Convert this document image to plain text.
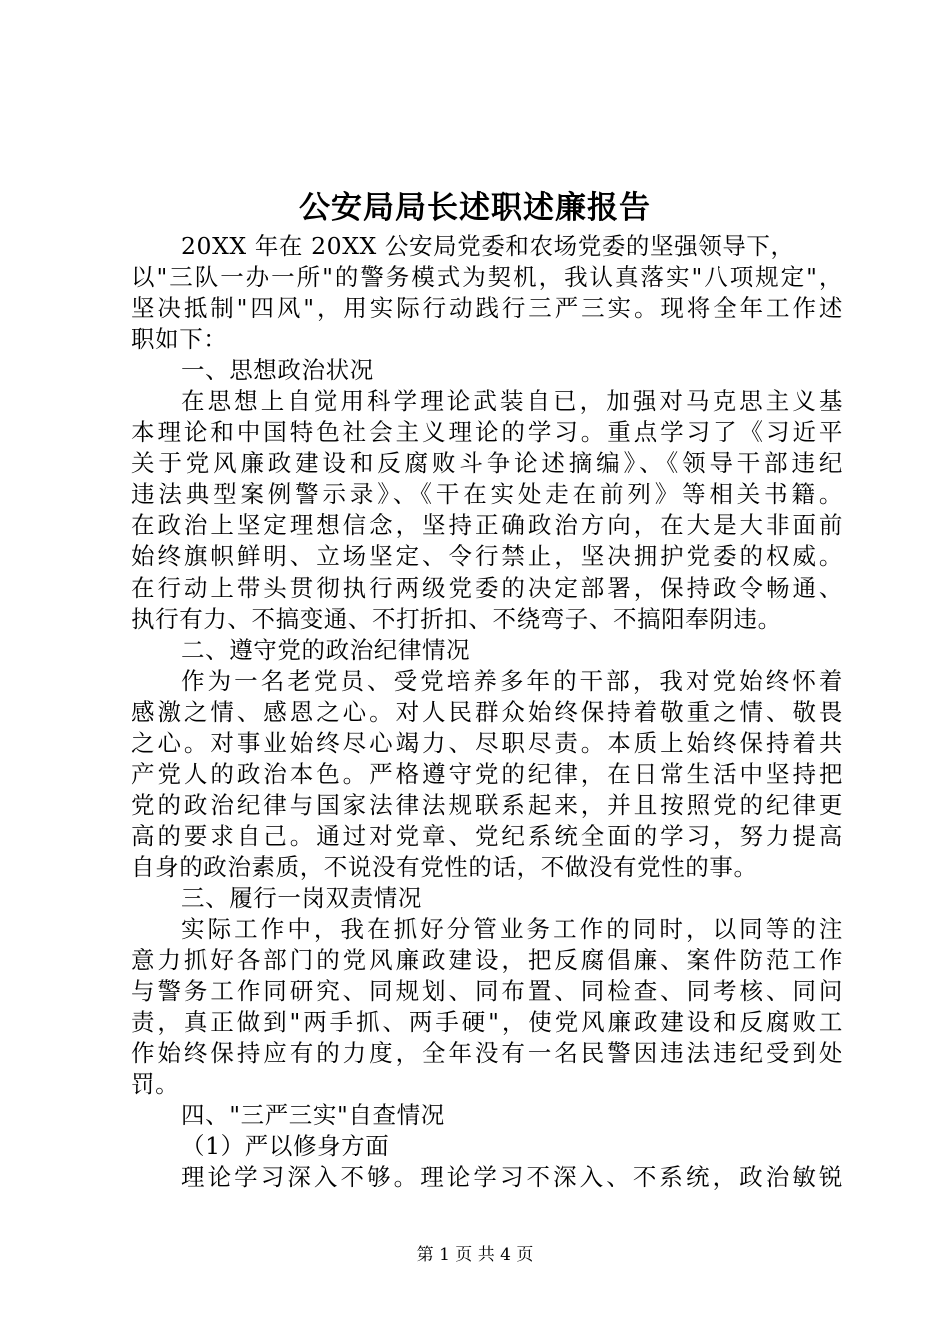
公安局局长述职述廉报告
20XX 年在 20XX 公安局党委和农场党委的坚强领导下，
以"三队一办一所"的警务模式为契机，我认真落实"八项规定"，
坚决抵制"四风"，用实际行动践行三严三实。现将全年工作述
职如下：
一、思想政治状况
在思想上自觉用科学理论武装自已，加强对马克思主义基
本理论和中国特色社会主义理论的学习。重点学习了《习近平
关于党风廉政建设和反腐败斗争论述摘编》、《领导干部违纪
违法典型案例警示录》、《干在实处走在前列》等相关书籍。
在政治上坚定理想信念，坚持正确政治方向，在大是大非面前
始终旗帜鲜明、立场坚定、令行禁止，坚决拥护党委的权威。
在行动上带头贯彻执行两级党委的决定部署，保持政令畅通、
执行有力、不搞变通、不打折扣、不绕弯子、不搞阳奉阴违。
二、遵守党的政治纪律情况
作为一名老党员、受党培养多年的干部，我对党始终怀着
感激之情、感恩之心。对人民群众始终保持着敬重之情、敬畏
之心。对事业始终尽心竭力、尽职尽责。本质上始终保持着共
产党人的政治本色。严格遵守党的纪律，在日常生活中坚持把
党的政治纪律与国家法律法规联系起来，并且按照党的纪律更
高的要求自己。通过对党章、党纪系统全面的学习，努力提高
自身的政治素质，不说没有党性的话，不做没有党性的事。
三、履行一岗双责情况
实际工作中，我在抓好分管业务工作的同时，以同等的注
意力抓好各部门的党风廉政建设，把反腐倡廉、案件防范工作
与警务工作同研究、同规划、同布置、同检查、同考核、同问
责，真正做到"两手抓、两手硬"，使党风廉政建设和反腐败工
作始终保持应有的力度，全年没有一名民警因违法违纪受到处
罚。
四、"三严三实"自查情况
（1）严以修身方面
理论学习深入不够。理论学习不深入、不系统，政治敏锐
第 1 页 共 4 页
